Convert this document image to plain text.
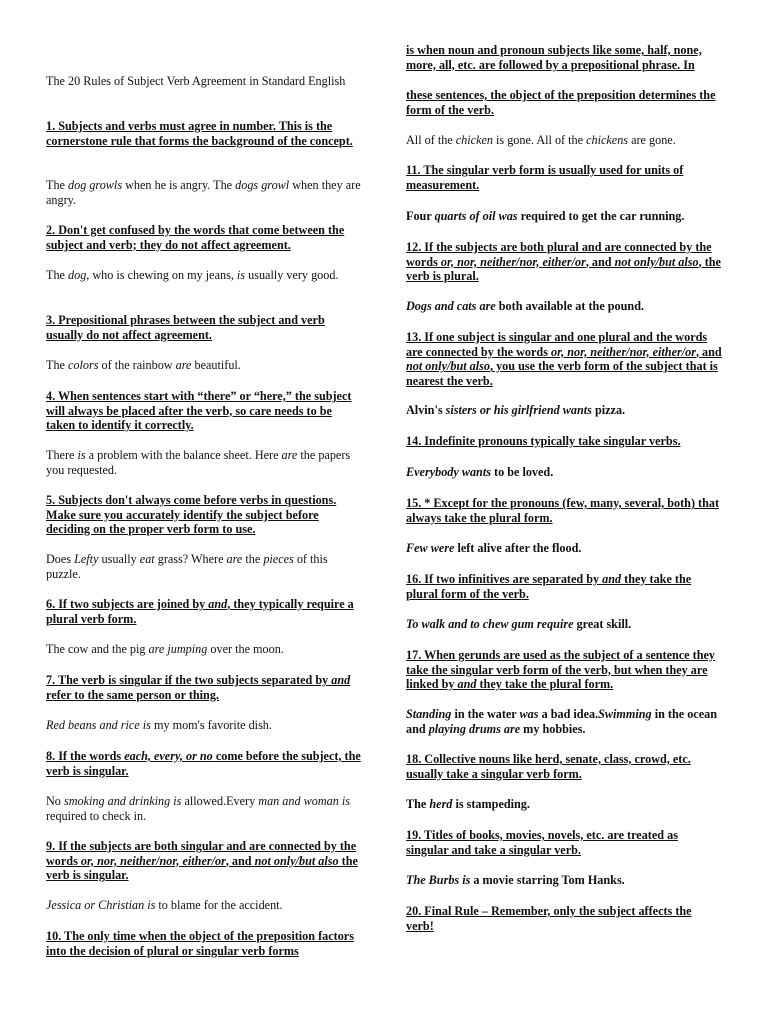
The 20 Rules of Subject Verb Agreement in Standard English
1. Subjects and verbs must agree in number. This is the cornerstone rule that forms the background of the concept.
The dog growls when he is angry. The dogs growl when they are angry.
2. Don't get confused by the words that come between the subject and verb; they do not affect agreement.
The dog, who is chewing on my jeans, is usually very good.
3. Prepositional phrases between the subject and verb usually do not affect agreement.
The colors of the rainbow are beautiful.
4. When sentences start with “there” or “here,” the subject will always be placed after the verb, so care needs to be taken to identify it correctly.
There is a problem with the balance sheet. Here are the papers you requested.
5. Subjects don't always come before verbs in questions. Make sure you accurately identify the subject before deciding on the proper verb form to use.
Does Lefty usually eat grass? Where are the pieces of this puzzle.
6. If two subjects are joined by and, they typically require a plural verb form.
The cow and the pig are jumping over the moon.
7. The verb is singular if the two subjects separated by and refer to the same person or thing.
Red beans and rice is my mom's favorite dish.
8. If the words each, every, or no come before the subject, the verb is singular.
No smoking and drinking is allowed.Every man and woman is required to check in.
9. If the subjects are both singular and are connected by the words or, nor, neither/nor, either/or, and not only/but also the verb is singular.
Jessica or Christian is to blame for the accident.
10. The only time when the object of the preposition factors into the decision of plural or singular verb forms
is when noun and pronoun subjects like some, half, none, more, all, etc. are followed by a prepositional phrase. In
these sentences, the object of the preposition determines the form of the verb.
All of the chicken is gone. All of the chickens are gone.
11. The singular verb form is usually used for units of measurement.
Four quarts of oil was required to get the car running.
12. If the subjects are both plural and are connected by the words or, nor, neither/nor, either/or, and not only/but also, the verb is plural.
Dogs and cats are both available at the pound.
13. If one subject is singular and one plural and the words are connected by the words or, nor, neither/nor, either/or, and not only/but also, you use the verb form of the subject that is nearest the verb.
Alvin's sisters or his girlfriend wants pizza.
14. Indefinite pronouns typically take singular verbs.
Everybody wants to be loved.
15. * Except for the pronouns (few, many, several, both) that always take the plural form.
Few were left alive after the flood.
16. If two infinitives are separated by and they take the plural form of the verb.
To walk and to chew gum require great skill.
17. When gerunds are used as the subject of a sentence they take the singular verb form of the verb, but when they are linked by and they take the plural form.
Standing in the water was a bad idea.Swimming in the ocean and playing drums are my hobbies.
18. Collective nouns like herd, senate, class, crowd, etc. usually take a singular verb form.
The herd is stampeding.
19. Titles of books, movies, novels, etc. are treated as singular and take a singular verb.
The Burbs is a movie starring Tom Hanks.
20. Final Rule – Remember, only the subject affects the verb!
